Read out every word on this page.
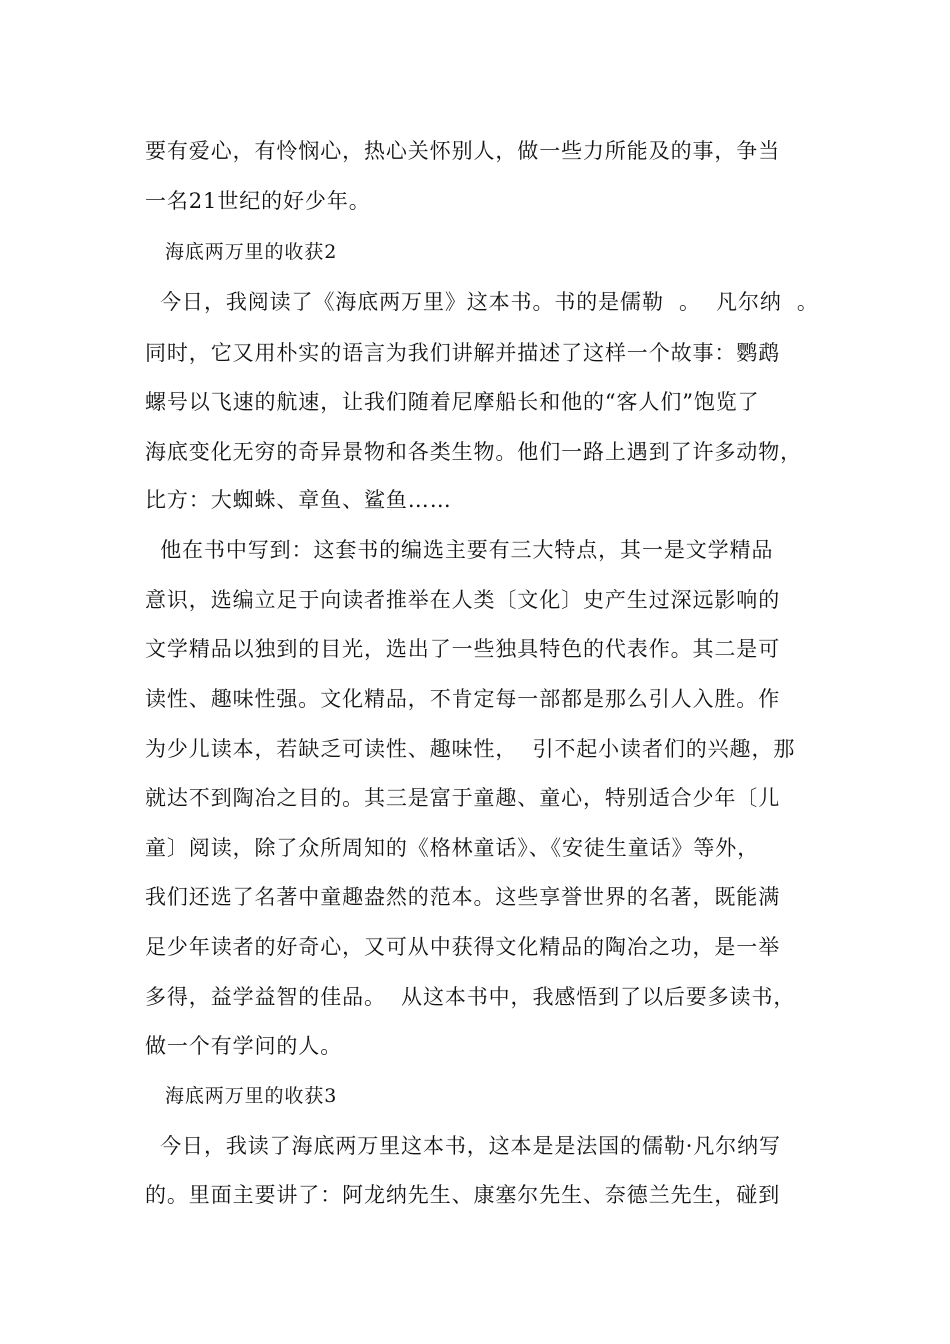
要有爱心，有怜悯心，热心关怀别人，做一些力所能及的事，争当
一名21世纪的好少年。
海底两万里的收获2
今日，我阅读了《海底两万里》这本书。书的是儒勒  。  凡尔纳  。
同时，它又用朴实的语言为我们讲解并描述了这样一个故事：鹦鹉
螺号以飞速的航速，让我们随着尼摩船长和他的“客人们”饱览了
海底变化无穷的奇异景物和各类生物。他们一路上遇到了许多动物，
比方：大蜘蛛、章鱼、鲨鱼……
他在书中写到：这套书的编选主要有三大特点，其一是文学精品
意识，选编立足于向读者推举在人类〔文化〕史产生过深远影响的
文学精品以独到的目光，选出了一些独具特色的代表作。其二是可
读性、趣味性强。文化精品，不肯定每一部都是那么引人入胜。作
为少儿读本，若缺乏可读性、趣味性，  引不起小读者们的兴趣，那
就达不到陶冶之目的。其三是富于童趣、童心，特别适合少年〔儿
童〕阅读，除了众所周知的《格林童话》、《安徒生童话》等外，
我们还选了名著中童趣盎然的范本。这些享誉世界的名著，既能满
足少年读者的好奇心，又可从中获得文化精品的陶冶之功，是一举
多得，益学益智的佳品。  从这本书中，我感悟到了以后要多读书，
做一个有学问的人。
海底两万里的收获3
今日，我读了海底两万里这本书，这本是是法国的儒勒·凡尔纳写
的。里面主要讲了：阿龙纳先生、康塞尔先生、奈德兰先生，碰到
